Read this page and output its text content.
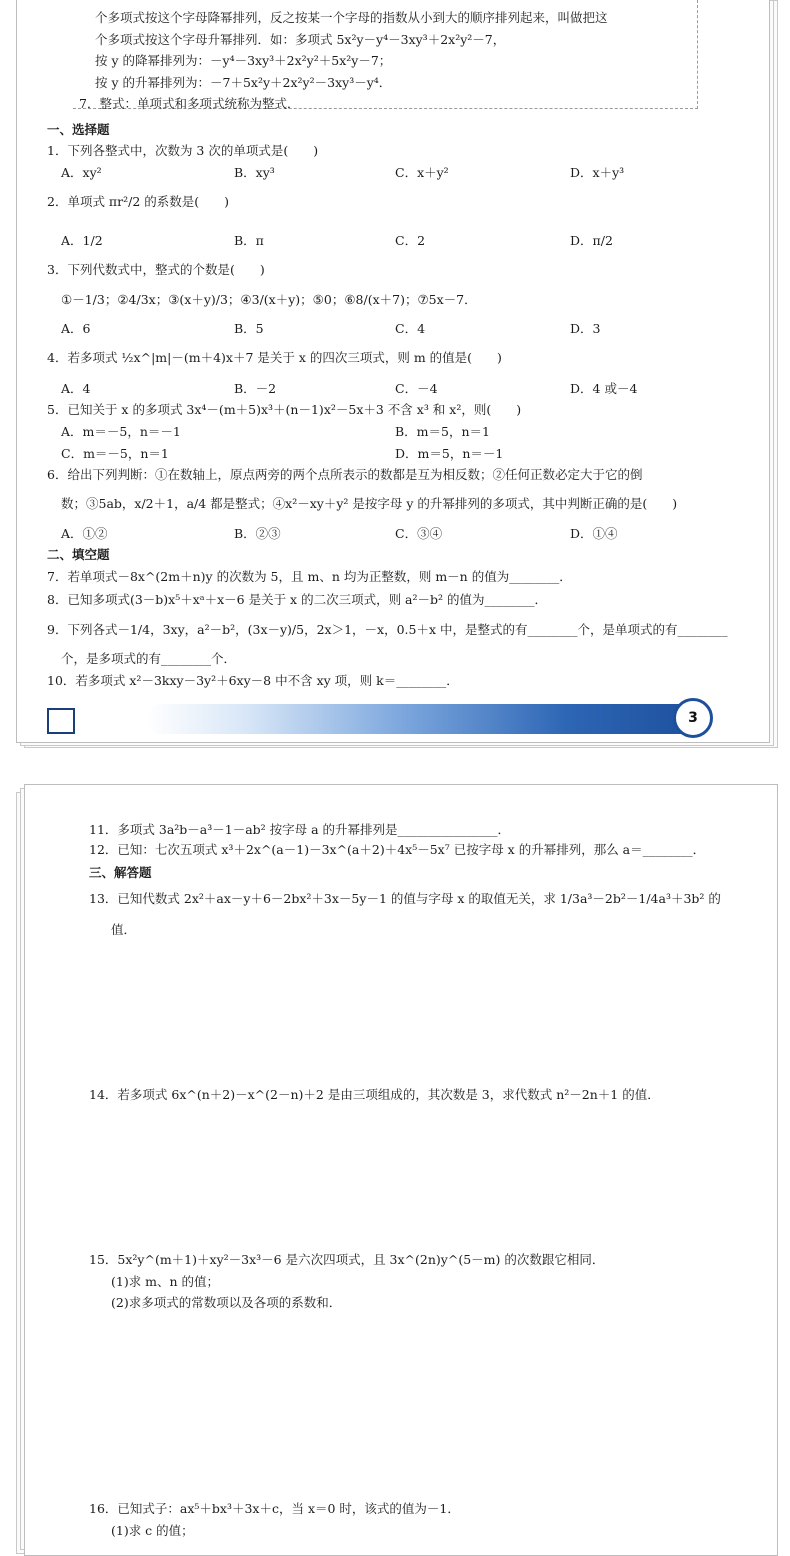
个多项式按这个字母降幂排列，反之按某一个字母的指数从小到大的顺序排列起来，叫做把这
个多项式按这个字母升幂排列．如：多项式 5x²y－y⁴－3xy³＋2x²y²－7，
按 y 的降幂排列为：－y⁴－3xy³＋2x²y²＋5x²y－7；
按 y 的升幂排列为：－7＋5x²y＋2x²y²－3xy³－y⁴．
7．整式：单项式和多项式统称为整式．
一、选择题
1．下列各整式中，次数为 3 次的单项式是(　　)
A．xy²	B．xy³	C．x＋y²	D．x＋y³
2．单项式 πr²/2 的系数是(　　)
A．1/2	B．π	C．2	D．π/2
3．下列代数式中，整式的个数是(　　)
①－1/3；②4/3x；③(x＋y)/3；④3/(x＋y)；⑤0；⑥8/(x＋7)；⑦5x－7．
A．6	B．5	C．4	D．3
4．若多项式 ½x^|m|－(m＋4)x＋7 是关于 x 的四次三项式，则 m 的值是(　　)
A．4	B．－2	C．－4	D．4 或－4
5．已知关于 x 的多项式 3x⁴－(m＋5)x³＋(n－1)x²－5x＋3 不含 x³ 和 x²，则(　　)
A．m＝－5，n＝－1	B．m＝5，n＝1
C．m＝－5，n＝1	D．m＝5，n＝－1
6．给出下列判断：①在数轴上，原点两旁的两个点所表示的数都是互为相反数；②任何正数必定大于它的倒
数；③5ab，x/2＋1，a/4 都是整式；④x²－xy＋y² 是按字母 y 的升幂排列的多项式，其中判断正确的是(　　)
A．①②	B．②③	C．③④	D．①④
二、填空题
7．若单项式－8x^(2m＋n)y 的次数为 5，且 m、n 均为正整数，则 m－n 的值为________．
8．已知多项式(3－b)x⁵＋xᵃ＋x－6 是关于 x 的二次三项式，则 a²－b² 的值为________．
9．下列各式－1/4，3xy，a²－b²，(3x－y)/5，2x＞1，－x，0.5＋x 中，是整式的有________个，是单项式的有________
个，是多项式的有________个．
10．若多项式 x²－3kxy－3y²＋6xy－8 中不含 xy 项，则 k＝________．
3
11．多项式 3a²b－a³－1－ab² 按字母 a 的升幂排列是________________．
12．已知：七次五项式 x³＋2x^(a－1)－3x^(a＋2)＋4x⁵－5x⁷ 已按字母 x 的升幂排列，那么 a＝________．
三、解答题
13．已知代数式 2x²＋ax－y＋6－2bx²＋3x－5y－1 的值与字母 x 的取值无关，求 1/3a³－2b²－1/4a³＋3b² 的
值．
14．若多项式 6x^(n＋2)－x^(2－n)＋2 是由三项组成的，其次数是 3，求代数式 n²－2n＋1 的值．
15．5x²y^(m＋1)＋xy²－3x³－6 是六次四项式，且 3x^(2n)y^(5－m) 的次数跟它相同．
(1)求 m、n 的值；
(2)求多项式的常数项以及各项的系数和．
16．已知式子：ax⁵＋bx³＋3x＋c，当 x＝0 时，该式的值为－1．
(1)求 c 的值；
